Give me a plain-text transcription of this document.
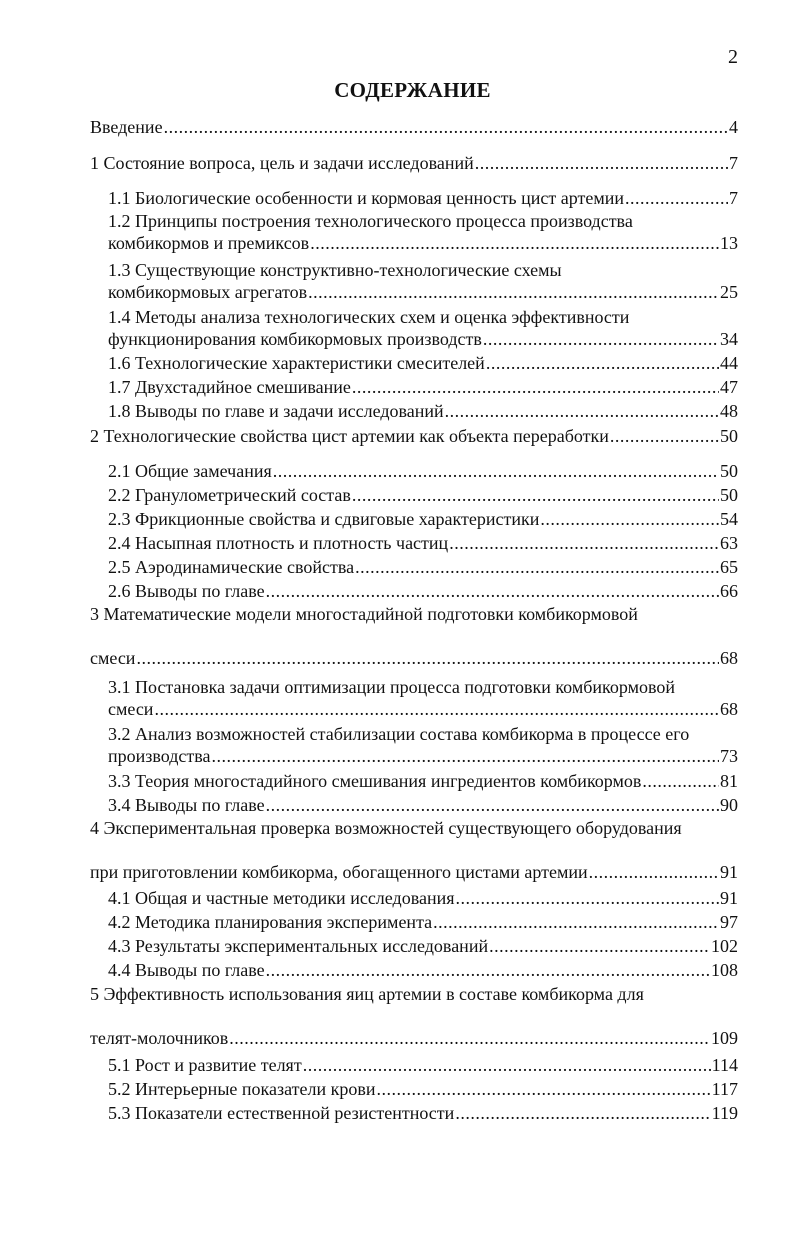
2
СОДЕРЖАНИЕ
Введение .....	4
1 Состояние вопроса, цель и задачи исследований .....	7
1.1 Биологические особенности и кормовая ценность цист артемии .....	7
1.2 Принципы построения технологического процесса производства
комбикормов и премиксов .....	13
1.3 Существующие конструктивно-технологические схемы
комбикормовых агрегатов .....	25
1.4 Методы анализа технологических схем и оценка эффективности
функционирования комбикормовых производств .....	34
1.6 Технологические характеристики смесителей .....	44
1.7 Двухстадийное смешивание .....	47
1.8 Выводы по главе и задачи исследований .....	48
2 Технологические свойства цист артемии как объекта переработки .....	50
2.1 Общие замечания .....	50
2.2 Гранулометрический состав .....	50
2.3 Фрикционные свойства и сдвиговые характеристики .....	54
2.4 Насыпная плотность и плотность частиц .....	63
2.5 Аэродинамические свойства .....	65
2.6 Выводы по главе .....	66
3 Математические модели многостадийной подготовки комбикормовой
смеси .....	68
3.1 Постановка задачи оптимизации процесса подготовки комбикормовой
смеси .....	68
3.2 Анализ возможностей стабилизации состава комбикорма в процессе его
производства .....	73
3.3 Теория многостадийного смешивания ингредиентов комбикормов .....	81
3.4 Выводы по главе .....	90
4 Экспериментальная проверка возможностей существующего оборудования
при приготовлении комбикорма, обогащенного цистами артемии .....	91
4.1 Общая и частные методики исследования .....	91
4.2 Методика планирования эксперимента .....	97
4.3 Результаты экспериментальных исследований .....	102
4.4 Выводы по главе .....	108
5 Эффективность использования яиц артемии в составе комбикорма для
телят-молочников .....	109
5.1 Рост и развитие телят .....	114
5.2 Интерьерные показатели крови .....	117
5.3 Показатели естественной резистентности .....	119
